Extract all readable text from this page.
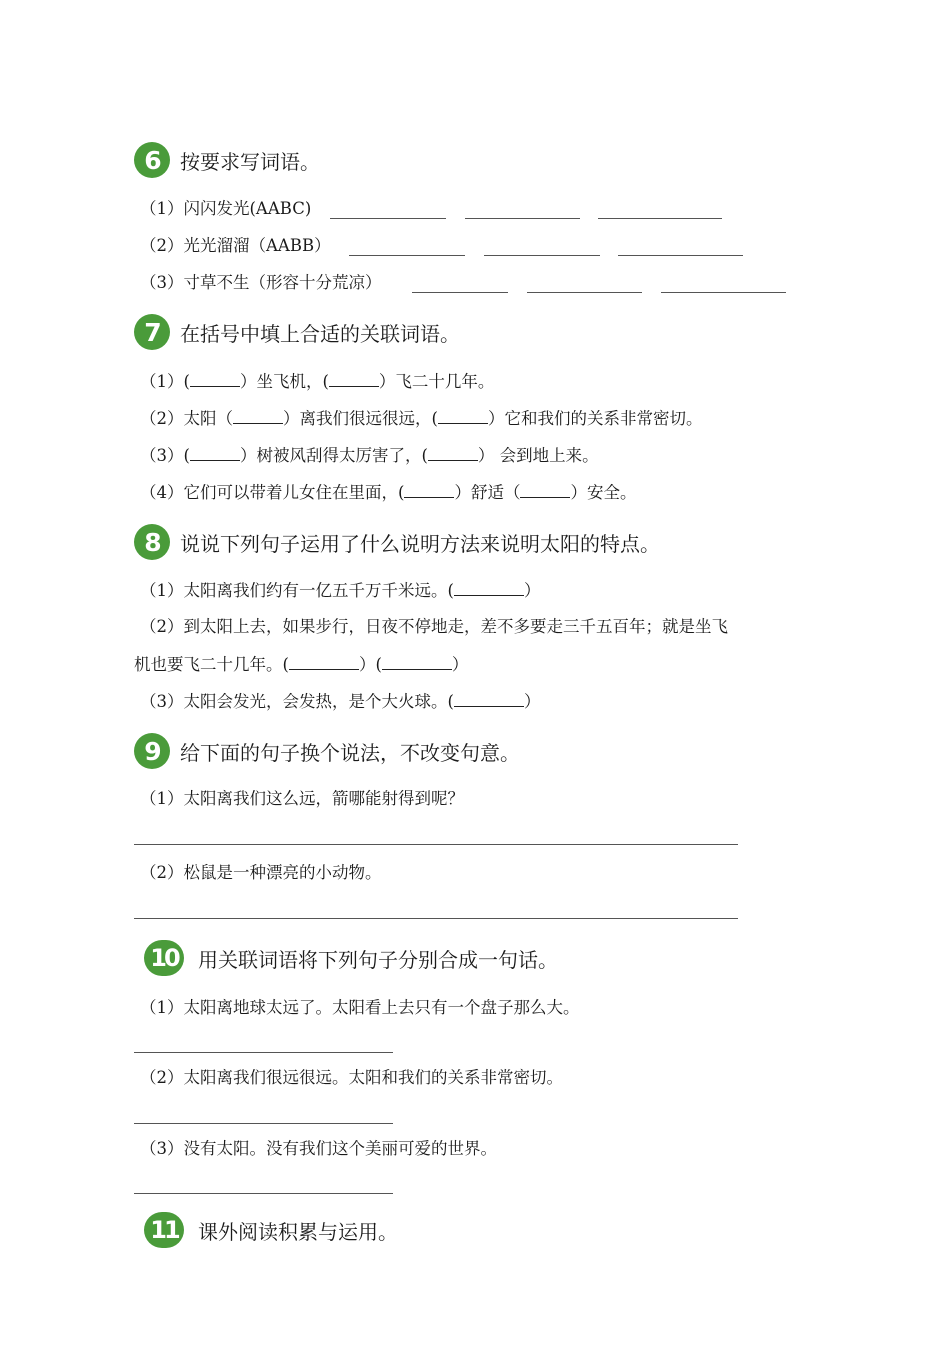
6	按要求写词语。
（1）闪闪发光(AABC)
（2）光光溜溜（AABB）
（3）寸草不生（形容十分荒凉）
7	在括号中填上合适的关联词语。
（1）(	）坐飞机，(	）飞二十几年。
（2）太阳（	）离我们很远很远，(	）它和我们的关系非常密切。
（3）(	）树被风刮得太厉害了，(	） 会到地上来。
（4）它们可以带着儿女住在里面，(	）舒适（	）安全。
8	说说下列句子运用了什么说明方法来说明太阳的特点。
（1）太阳离我们约有一亿五千万千米远。(	）
（2）到太阳上去，如果步行，日夜不停地走，差不多要走三千五百年；就是坐飞
机也要飞二十几年。(	）(	）
（3）太阳会发光，会发热，是个大火球。(	）
9	给下面的句子换个说法，不改变句意。
（1）太阳离我们这么远，箭哪能射得到呢？
（2）松鼠是一种漂亮的小动物。
10	用关联词语将下列句子分别合成一句话。
（1）太阳离地球太远了。太阳看上去只有一个盘子那么大。
（2）太阳离我们很远很远。太阳和我们的关系非常密切。
（3）没有太阳。没有我们这个美丽可爱的世界。
11	课外阅读积累与运用。
